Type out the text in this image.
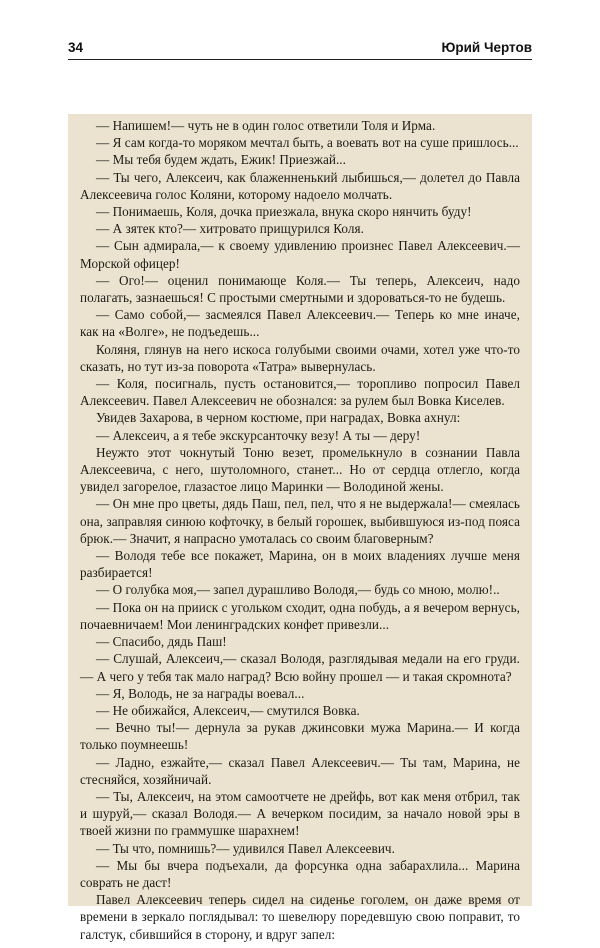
34	Юрий Чертов

— Напишем!— чуть не в один голос ответили Толя и Ирма.

— Я сам когда-то моряком мечтал быть, а воевать вот на суше пришлось...

— Мы тебя будем ждать, Ежик! Приезжай...

— Ты чего, Алексеич, как блаженненький лыбишься,— долетел до Павла Алексеевича голос Коляни, которому надоело молчать.

— Понимаешь, Коля, дочка приезжала, внука скоро нянчить буду!

— А зятек кто?— хитровато прищурился Коля.

— Сын адмирала,— к своему удивлению произнес Павел Алексеевич.— Морской офицер!

— Ого!— оценил понимающе Коля.— Ты теперь, Алексеич, надо полагать, зазнаешься! С простыми смертными и здороваться-то не будешь.

— Само собой,— засмеялся Павел Алексеевич.— Теперь ко мне иначе, как на «Волге», не подъедешь...

Коляня, глянув на него искоса голубыми своими очами, хотел уже что-то сказать, но тут из-за поворота «Татра» вывернулась.

— Коля, посигналь, пусть остановится,— торопливо попросил Павел Алексеевич. Павел Алексеевич не обознался: за рулем был Вовка Киселев.

Увидев Захарова, в черном костюме, при наградах, Вовка ахнул:

— Алексеич, а я тебе экскурсанточку везу! А ты — деру!

Неужто этот чокнутый Тоню везет, промелькнуло в сознании Павла Алексеевича, с него, шутоломного, станет... Но от сердца отлегло, когда увидел загорелое, глазастое лицо Маринки — Володиной жены.

— Он мне про цветы, дядь Паш, пел, пел, что я не выдержала!— смеялась она, заправляя синюю кофточку, в белый горошек, выбившуюся из-под пояса брюк.— Значит, я напрасно умоталась со своим благоверным?

— Володя тебе все покажет, Марина, он в моих владениях лучше меня разбирается!

— О голубка моя,— запел дурашливо Володя,— будь со мною, молю!..

— Пока он на прииск с угольком сходит, одна побудь, а я вечером вернусь, почаевничаем! Мои ленинградских конфет привезли...

— Спасибо, дядь Паш!

— Слушай, Алексеич,— сказал Володя, разглядывая медали на его груди.— А чего у тебя так мало наград? Всю войну прошел — и такая скромнота?

— Я, Володь, не за награды воевал...

— Не обижайся, Алексеич,— смутился Вовка.

— Вечно ты!— дернула за рукав джинсовки мужа Марина.— И когда только поумнеешь!

— Ладно, езжайте,— сказал Павел Алексеевич.— Ты там, Марина, не стесняйся, хозяйничай.

— Ты, Алексеич, на этом самоотчете не дрейфь, вот как меня отбрил, так и шуруй,— сказал Володя.— А вечерком посидим, за начало новой эры в твоей жизни по граммушке шарахнем!

— Ты что, помнишь?— удивился Павел Алексеевич.

— Мы бы вчера подъехали, да форсунка одна забарахлила... Марина соврать не даст!

Павел Алексеевич теперь сидел на сиденье гоголем, он даже время от времени в зеркало поглядывал: то шевелюру поредевшую свою поправит, то галстук, сбившийся в сторону, и вдруг запел:
